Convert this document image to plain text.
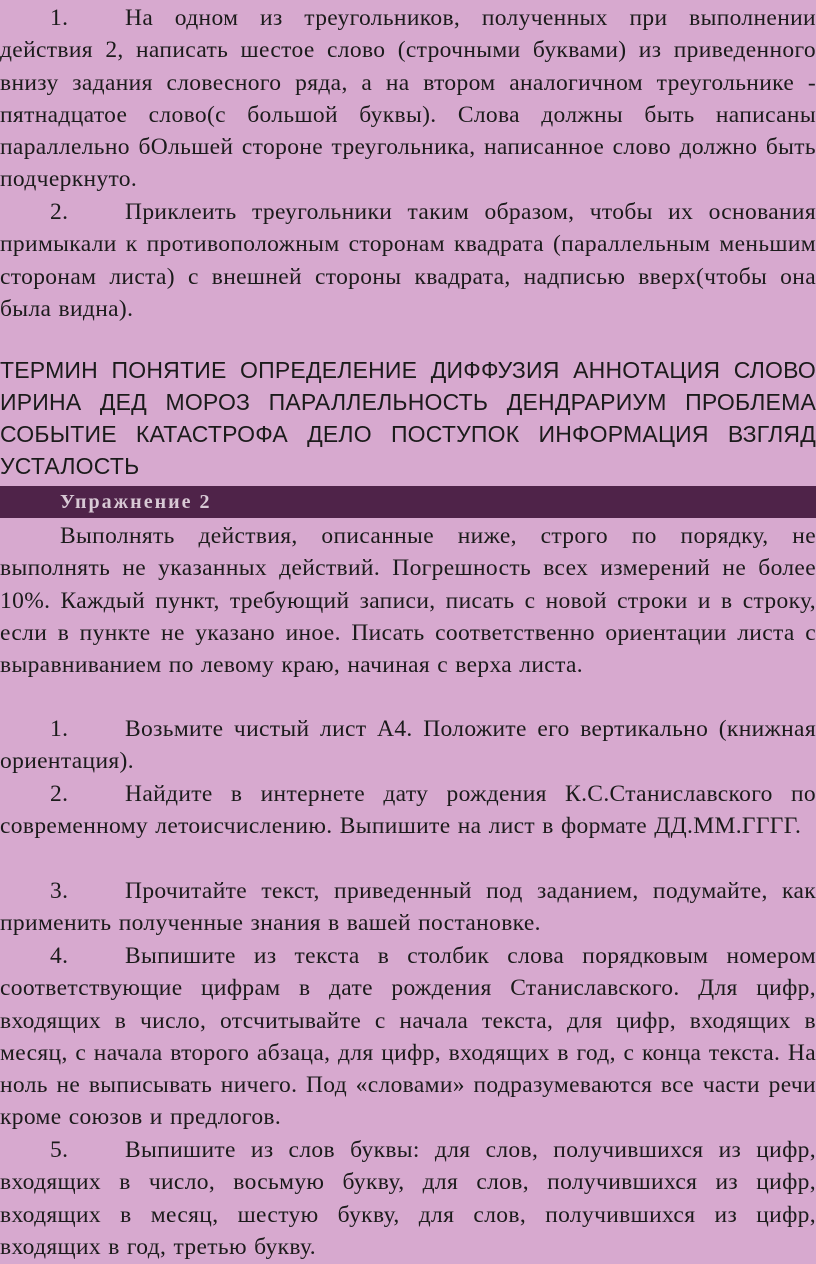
1. На одном из треугольников, полученных при выполнении действия 2, написать шестое слово (строчными буквами) из приведенного внизу задания словесного ряда, а на втором аналогичном треугольнике - пятнадцатое слово(с большой буквы). Слова должны быть написаны параллельно бОльшей стороне треугольника, написанное слово должно быть подчеркнуто.

2. Приклеить треугольники таким образом, чтобы их основания примыкали к противоположным сторонам квадрата (параллельным меньшим сторонам листа) с внешней стороны квадрата, надписью вверх(чтобы она была видна).

ТЕРМИН ПОНЯТИЕ ОПРЕДЕЛЕНИЕ ДИФФУЗИЯ АННОТАЦИЯ СЛОВО ИРИНА ДЕД МОРОЗ ПАРАЛЛЕЛЬНОСТЬ ДЕНДРАРИУМ ПРОБЛЕМА СОБЫТИЕ КАТАСТРОФА ДЕЛО ПОСТУПОК ИНФОРМАЦИЯ ВЗГЛЯД УСТАЛОСТЬ

Упражнение 2

Выполнять действия, описанные ниже, строго по порядку, не выполнять не указанных действий. Погрешность всех измерений не более 10%. Каждый пункт, требующий записи, писать с новой строки и в строку, если в пункте не указано иное. Писать соответственно ориентации листа с выравниванием по левому краю, начиная с верха листа.

1. Возьмите чистый лист А4. Положите его вертикально (книжная ориентация).

2. Найдите в интернете дату рождения К.С.Станиславского по современному летоисчислению. Выпишите на лист в формате ДД.ММ.ГГГГ.

3. Прочитайте текст, приведенный под заданием, подумайте, как применить полученные знания в вашей постановке.

4. Выпишите из текста в столбик слова порядковым номером соответствующие цифрам в дате рождения Станиславского. Для цифр, входящих в число, отсчитывайте с начала текста, для цифр, входящих в месяц, с начала второго абзаца, для цифр, входящих в год, с конца текста. На ноль не выписывать ничего. Под «словами» подразумеваются все части речи кроме союзов и предлогов.

5. Выпишите из слов буквы: для слов, получившихся из цифр, входящих в число, восьмую букву, для слов, получившихся из цифр, входящих в месяц, шестую букву, для слов, получившихся из цифр, входящих в год, третью букву.
